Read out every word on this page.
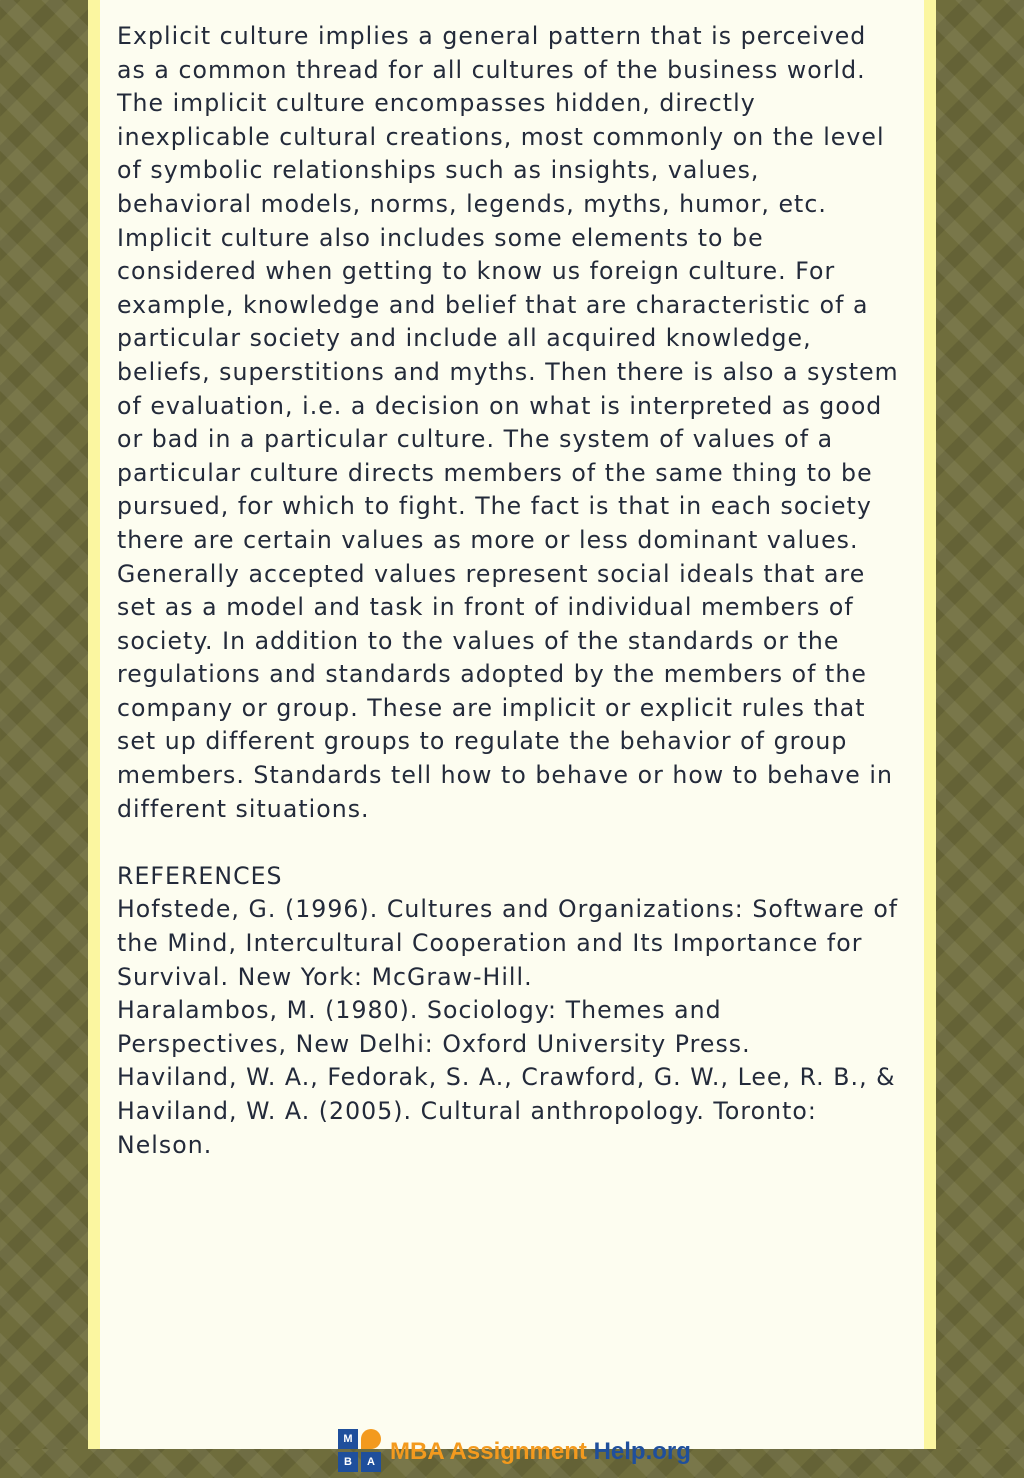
Explicit culture implies a general pattern that is perceived
as a common thread for all cultures of the business world.
The implicit culture encompasses hidden, directly
inexplicable cultural creations, most commonly on the level
of symbolic relationships such as insights, values,
behavioral models, norms, legends, myths, humor, etc.
Implicit culture also includes some elements to be
considered when getting to know us foreign culture. For
example, knowledge and belief that are characteristic of a
particular society and include all acquired knowledge,
beliefs, superstitions and myths. Then there is also a system
of evaluation, i.e. a decision on what is interpreted as good
or bad in a particular culture. The system of values of a
particular culture directs members of the same thing to be
pursued, for which to fight. The fact is that in each society
there are certain values as more or less dominant values.
Generally accepted values represent social ideals that are
set as a model and task in front of individual members of
society. In addition to the values of the standards or the
regulations and standards adopted by the members of the
company or group. These are implicit or explicit rules that
set up different groups to regulate the behavior of group
members. Standards tell how to behave or how to behave in
different situations.
REFERENCES
Hofstede, G. (1996). Cultures and Organizations: Software of
the Mind, Intercultural Cooperation and Its Importance for
Survival. New York: McGraw-Hill.
Haralambos, M. (1980). Sociology: Themes and
Perspectives, New Delhi: Oxford University Press.
Haviland, W. A., Fedorak, S. A., Crawford, G. W., Lee, R. B., &
Haviland, W. A. (2005). Cultural anthropology. Toronto:
Nelson.
M
B	A MBA Assignment Help.org
